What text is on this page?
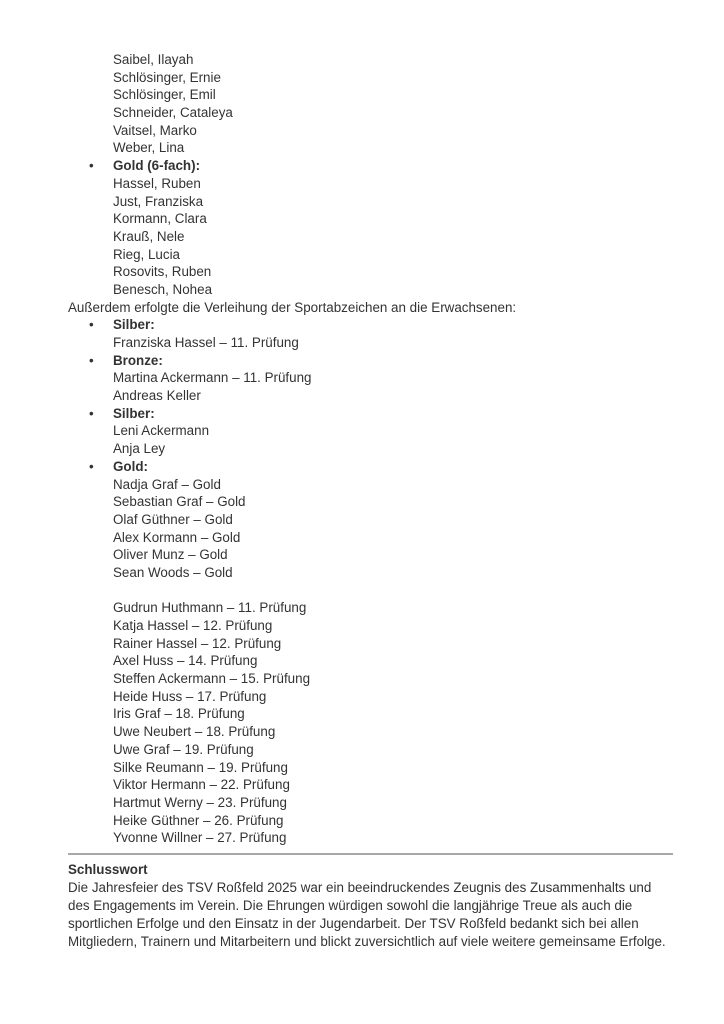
Saibel, Ilayah
Schlösinger, Ernie
Schlösinger, Emil
Schneider, Cataleya
Vaitsel, Marko
Weber, Lina
• Gold (6-fach):
Hassel, Ruben
Just, Franziska
Kormann, Clara
Krauß, Nele
Rieg, Lucia
Rosovits, Ruben
Benesch, Nohea
Außerdem erfolgte die Verleihung der Sportabzeichen an die Erwachsenen:
• Silber:
Franziska Hassel – 11. Prüfung
• Bronze:
Martina Ackermann – 11. Prüfung
Andreas Keller
• Silber:
Leni Ackermann
Anja Ley
• Gold:
Nadja Graf – Gold
Sebastian Graf – Gold
Olaf Güthner – Gold
Alex Kormann – Gold
Oliver Munz – Gold
Sean Woods – Gold
Gudrun Huthmann – 11. Prüfung
Katja Hassel – 12. Prüfung
Rainer Hassel – 12. Prüfung
Axel Huss – 14. Prüfung
Steffen Ackermann – 15. Prüfung
Heide Huss – 17. Prüfung
Iris Graf – 18. Prüfung
Uwe Neubert – 18. Prüfung
Uwe Graf – 19. Prüfung
Silke Reumann – 19. Prüfung
Viktor Hermann – 22. Prüfung
Hartmut Werny – 23. Prüfung
Heike Güthner – 26. Prüfung
Yvonne Willner – 27. Prüfung
Schlusswort
Die Jahresfeier des TSV Roßfeld 2025 war ein beeindruckendes Zeugnis des Zusammenhalts und des Engagements im Verein. Die Ehrungen würdigen sowohl die langjährige Treue als auch die sportlichen Erfolge und den Einsatz in der Jugendarbeit. Der TSV Roßfeld bedankt sich bei allen Mitgliedern, Trainern und Mitarbeitern und blickt zuversichtlich auf viele weitere gemeinsame Erfolge.
